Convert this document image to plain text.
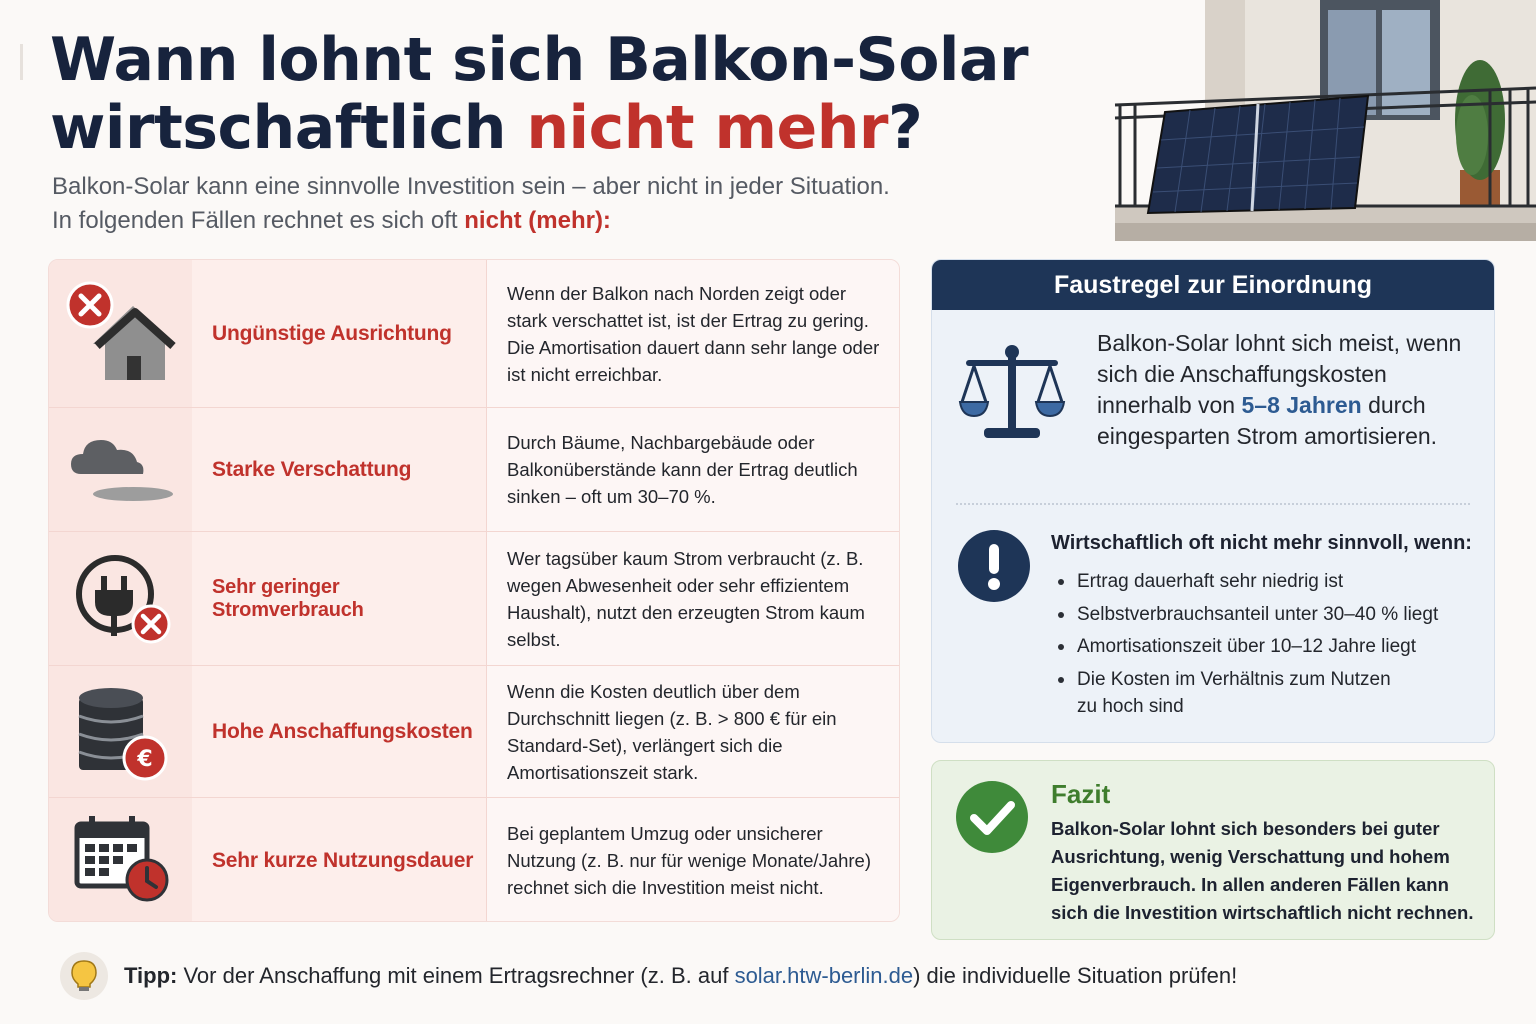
Wann lohnt sich Balkon-Solar
wirtschaftlich nicht mehr?
Balkon-Solar kann eine sinnvolle Investition sein – aber nicht in jeder Situation.
In folgenden Fällen rechnet es sich oft nicht (mehr):
Ungünstige Ausrichtung
Wenn der Balkon nach Norden zeigt oder stark verschattet ist, ist der Ertrag zu gering. Die Amortisation dauert dann sehr lange oder ist nicht erreichbar.
Starke Verschattung
Durch Bäume, Nachbargebäude oder Balkonüberstände kann der Ertrag deutlich sinken – oft um 30–70 %.
Sehr geringer Stromverbrauch
Wer tagsüber kaum Strom verbraucht (z. B. wegen Abwesenheit oder sehr effizientem Haushalt), nutzt den erzeugten Strom kaum selbst.
€
Hohe Anschaffungskosten
Wenn die Kosten deutlich über dem Durchschnitt liegen (z. B. > 800 € für ein Standard-Set), verlängert sich die Amortisationszeit stark.
Sehr kurze Nutzungsdauer
Bei geplantem Umzug oder unsicherer Nutzung (z. B. nur für wenige Monate/Jahre) rechnet sich die Investition meist nicht.
Faustregel zur Einordnung
Balkon-Solar lohnt sich meist, wenn sich die Anschaffungskosten innerhalb von 5–8 Jahren durch eingesparten Strom amortisieren.
Wirtschaftlich oft nicht mehr sinnvoll, wenn:
Ertrag dauerhaft sehr niedrig ist
Selbstverbrauchsanteil unter 30–40 % liegt
Amortisationszeit über 10–12 Jahre liegt
Die Kosten im Verhältnis zum Nutzen zu hoch sind
Fazit
Balkon-Solar lohnt sich besonders bei guter Ausrichtung, wenig Verschattung und hohem Eigenverbrauch. In allen anderen Fällen kann sich die Investition wirtschaftlich nicht rechnen.
Tipp: Vor der Anschaffung mit einem Ertragsrechner (z. B. auf solar.htw-berlin.de) die individuelle Situation prüfen!
